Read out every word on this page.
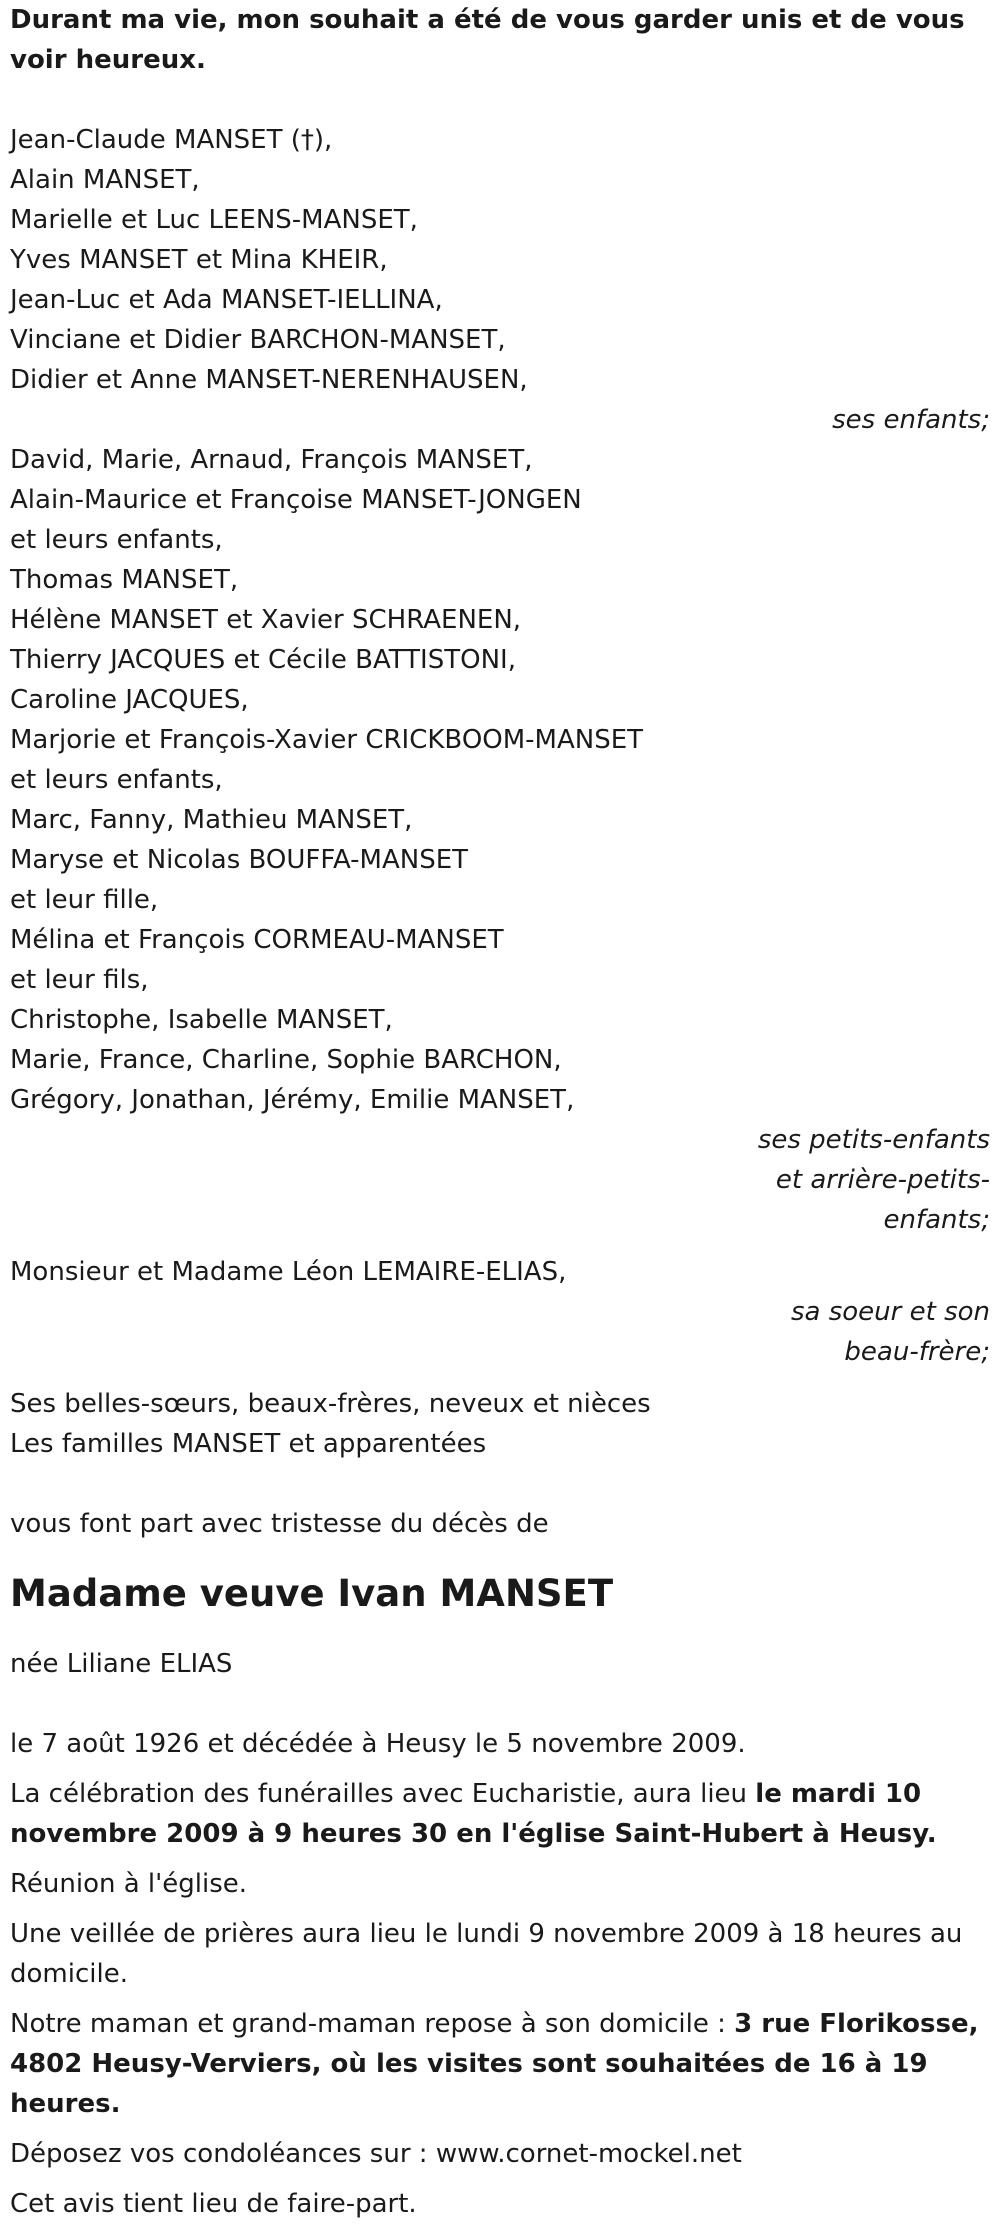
Durant ma vie, mon souhait a été de vous garder unis et de vous voir heureux.

Jean-Claude MANSET (†),
Alain MANSET,
Marielle et Luc LEENS-MANSET,
Yves MANSET et Mina KHEIR,
Jean-Luc et Ada MANSET-IELLINA,
Vinciane et Didier BARCHON-MANSET,
Didier et Anne MANSET-NERENHAUSEN,
ses enfants;
David, Marie, Arnaud, François MANSET,
Alain-Maurice et Françoise MANSET-JONGEN
et leurs enfants,
Thomas MANSET,
Hélène MANSET et Xavier SCHRAENEN,
Thierry JACQUES et Cécile BATTISTONI,
Caroline JACQUES,
Marjorie et François-Xavier CRICKBOOM-MANSET
et leurs enfants,
Marc, Fanny, Mathieu MANSET,
Maryse et Nicolas BOUFFA-MANSET
et leur fille,
Mélina et François CORMEAU-MANSET
et leur fils,
Christophe, Isabelle MANSET,
Marie, France, Charline, Sophie BARCHON,
Grégory, Jonathan, Jérémy, Emilie MANSET,
ses petits-enfants
et arrière-petits-
enfants;
Monsieur et Madame Léon LEMAIRE-ELIAS,
sa soeur et son
beau-frère;
Ses belles-sœurs, beaux-frères, neveux et nièces
Les familles MANSET et apparentées
vous font part avec tristesse du décès de

Madame veuve Ivan MANSET

née Liliane ELIAS

le 7 août 1926 et décédée à Heusy le 5 novembre 2009.

La célébration des funérailles avec Eucharistie, aura lieu le mardi 10 novembre 2009 à 9 heures 30 en l'église Saint-Hubert à Heusy.

Réunion à l'église.

Une veillée de prières aura lieu le lundi 9 novembre 2009 à 18 heures au domicile.

Notre maman et grand-maman repose à son domicile : 3 rue Florikosse, 4802 Heusy-Verviers, où les visites sont souhaitées de 16 à 19 heures.

Déposez vos condoléances sur : www.cornet-mockel.net

Cet avis tient lieu de faire-part.
